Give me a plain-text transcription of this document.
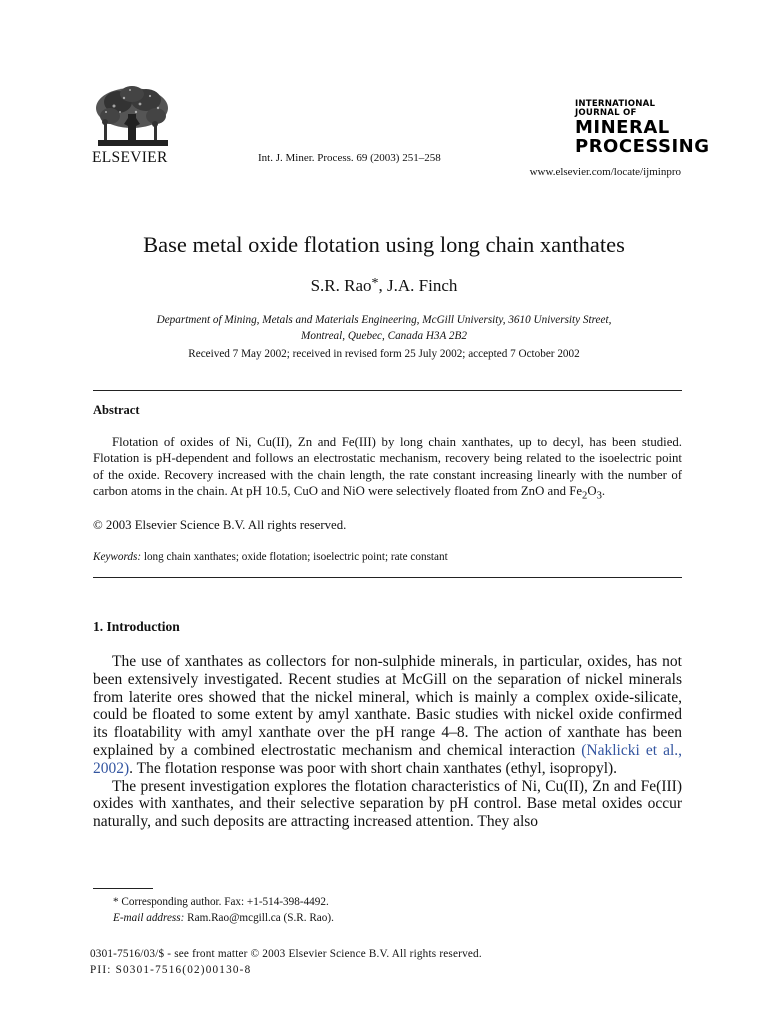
ELSEVIER	Int. J. Miner. Process. 69 (2003) 251–258
INTERNATIONAL JOURNAL OF
MINERAL
PROCESSING
www.elsevier.com/locate/ijminpro
Base metal oxide flotation using long chain xanthates
S.R. Rao*, J.A. Finch
Department of Mining, Metals and Materials Engineering, McGill University, 3610 University Street,
Montreal, Quebec, Canada H3A 2B2
Received 7 May 2002; received in revised form 25 July 2002; accepted 7 October 2002
Abstract
Flotation of oxides of Ni, Cu(II), Zn and Fe(III) by long chain xanthates, up to decyl, has been studied. Flotation is pH-dependent and follows an electrostatic mechanism, recovery being related to the isoelectric point of the oxide. Recovery increased with the chain length, the rate constant increasing linearly with the number of carbon atoms in the chain. At pH 10.5, CuO and NiO were selectively floated from ZnO and $Fe_2O_3$.
© 2003 Elsevier Science B.V. All rights reserved.
Keywords: long chain xanthates; oxide flotation; isoelectric point; rate constant
1. Introduction

The use of xanthates as collectors for non-sulphide minerals, in particular, oxides, has not been extensively investigated. Recent studies at McGill on the separation of nickel minerals from laterite ores showed that the nickel mineral, which is mainly a complex oxide-silicate, could be floated to some extent by amyl xanthate. Basic studies with nickel oxide confirmed its floatability with amyl xanthate over the pH range 4–8. The action of xanthate has been explained by a combined electrostatic mechanism and chemical interaction (Naklicki et al., 2002). The flotation response was poor with short chain xanthates (ethyl, isopropyl).

The present investigation explores the flotation characteristics of Ni, Cu(II), Zn and Fe(III) oxides with xanthates, and their selective separation by pH control. Base metal oxides occur naturally, and such deposits are attracting increased attention. They also

* Corresponding author. Fax: +1-514-398-4492.
E-mail address: Ram.Rao@mcgill.ca (S.R. Rao).
0301-7516/03/$ - see front matter © 2003 Elsevier Science B.V. All rights reserved.
PII: S0301-7516(02)00130-8
